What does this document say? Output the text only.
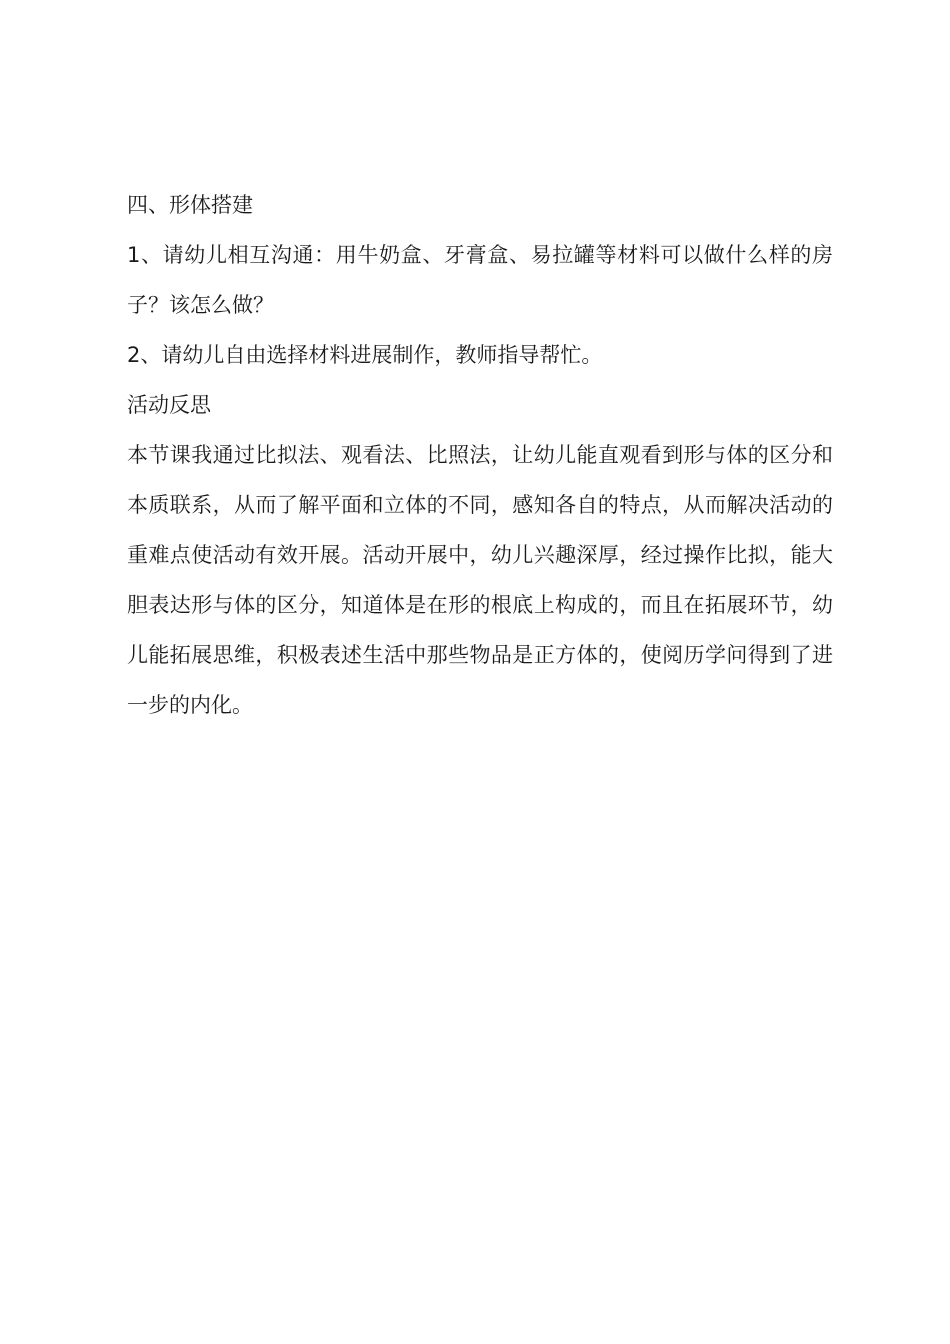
四、形体搭建

1、请幼儿相互沟通：用牛奶盒、牙膏盒、易拉罐等材料可以做什么样的房子？该怎么做？

2、请幼儿自由选择材料进展制作，教师指导帮忙。

活动反思

本节课我通过比拟法、观看法、比照法，让幼儿能直观看到形与体的区分和本质联系，从而了解平面和立体的不同，感知各自的特点，从而解决活动的重难点使活动有效开展。活动开展中，幼儿兴趣深厚，经过操作比拟，能大胆表达形与体的区分，知道体是在形的根底上构成的，而且在拓展环节，幼儿能拓展思维，积极表述生活中那些物品是正方体的，使阅历学问得到了进一步的内化。
